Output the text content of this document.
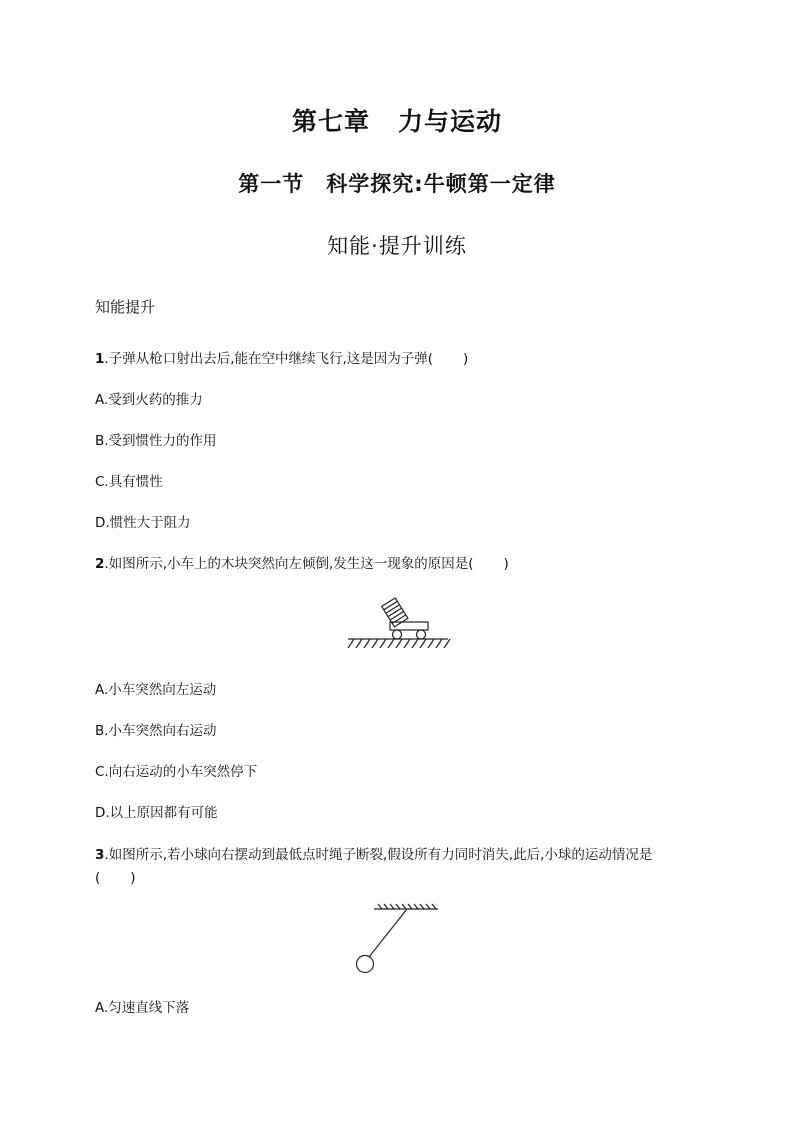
第七章 力与运动
第一节 科学探究:牛顿第一定律
知能·提升训练
知能提升
1.子弹从枪口射出去后,能在空中继续飞行,这是因为子弹( )
A.受到火药的推力
B.受到惯性力的作用
C.具有惯性
D.惯性大于阻力
2.如图所示,小车上的木块突然向左倾倒,发生这一现象的原因是( )
A.小车突然向左运动
B.小车突然向右运动
C.向右运动的小车突然停下
D.以上原因都有可能
3.如图所示,若小球向右摆动到最低点时绳子断裂,假设所有力同时消失,此后,小球的运动情况是
( )
A.匀速直线下落
